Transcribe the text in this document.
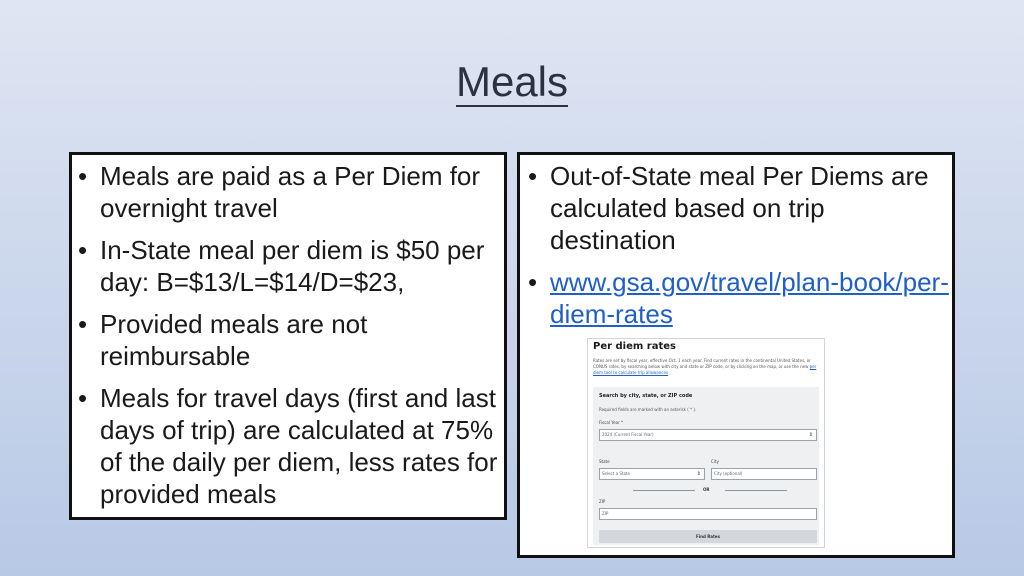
Meals
• Meals are paid as a Per Diem for overnight travel
• In-State meal per diem is $50 per day: B=$13/L=$14/D=$23,
• Provided meals are not reimbursable
• Meals for travel days (first and last days of trip) are calculated at 75% of the daily per diem, less rates for provided meals
• Out-of-State meal Per Diems are calculated based on trip destination
• www.gsa.gov/travel/plan-book/per-diem-rates
Per diem rates
Rates are set by fiscal year, effective Oct. 1 each year. Find current rates in the continental United States, or CONUS rates, by searching below with city and state or ZIP code, or by clicking on the map, or use the new per diem tool to calculate trip allowances
Search by city, state, or ZIP code
Required fields are marked with an asterisk ( * ).
Fiscal Year *
2024 (Current Fiscal Year)	⇕
State
Select a State	⇕
City
City (optional)
OR
ZIP
ZIP
Find Rates
